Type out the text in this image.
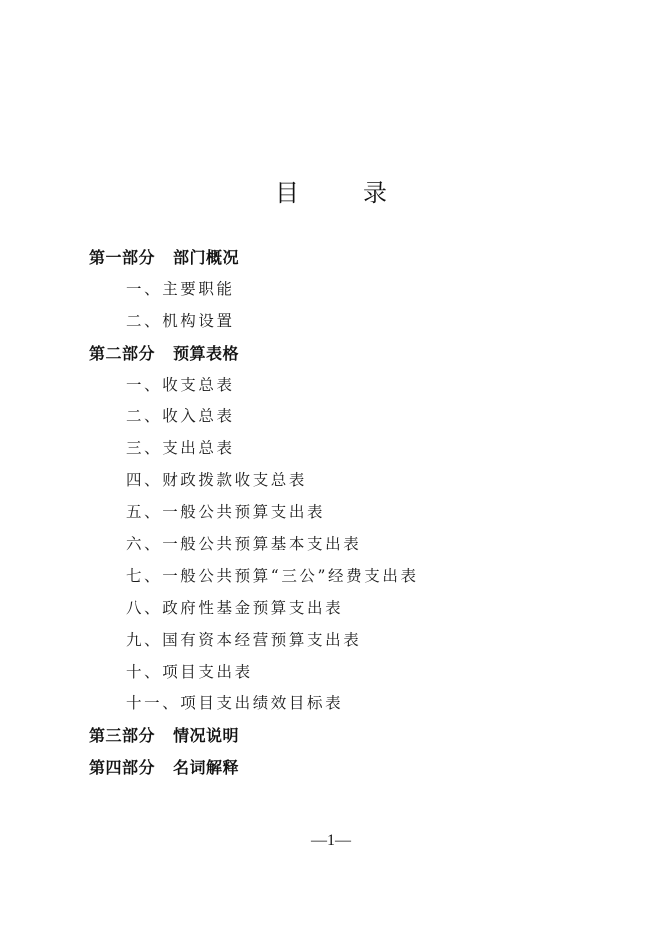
目　录
第一部分 部门概况
一、主要职能
二、机构设置
第二部分 预算表格
一、收支总表
二、收入总表
三、支出总表
四、财政拨款收支总表
五、一般公共预算支出表
六、一般公共预算基本支出表
七、一般公共预算“三公”经费支出表
八、政府性基金预算支出表
九、国有资本经营预算支出表
十、项目支出表
十一、项目支出绩效目标表
第三部分 情况说明
第四部分 名词解释
—1—
